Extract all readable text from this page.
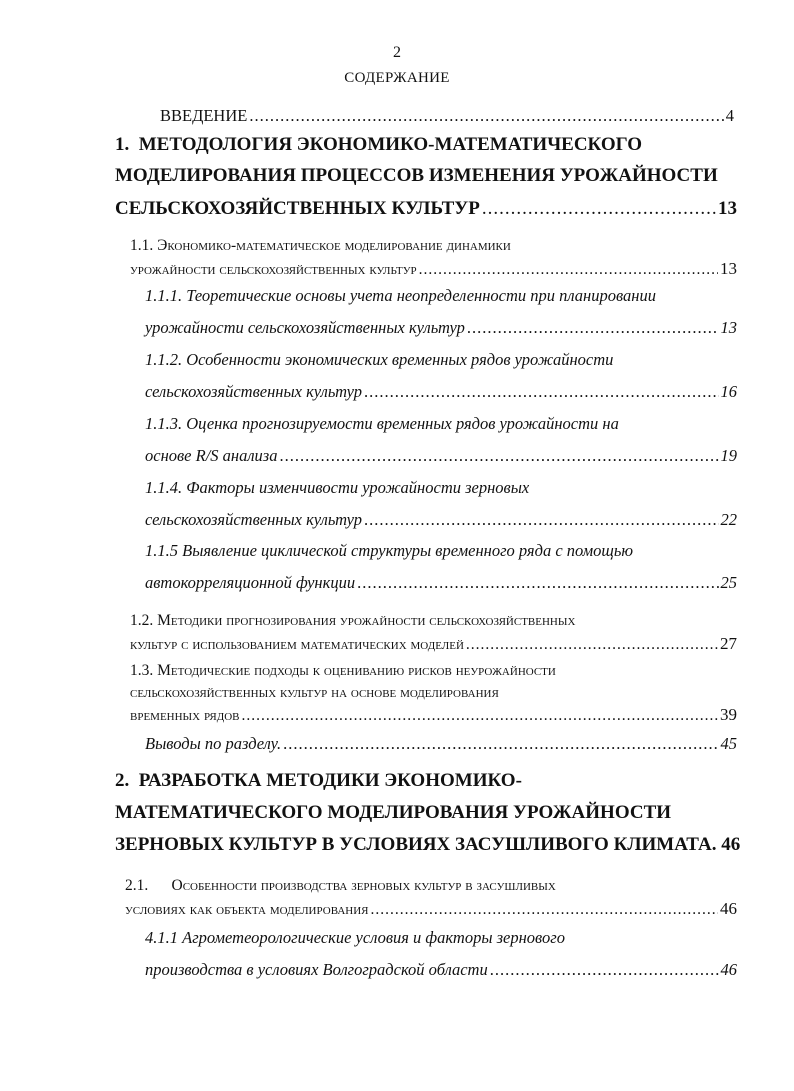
2
СОДЕРЖАНИЕ
ВВЕДЕНИЕ .....	4
1. МЕТОДОЛОГИЯ ЭКОНОМИКО-МАТЕМАТИЧЕСКОГО
МОДЕЛИРОВАНИЯ ПРОЦЕССОВ ИЗМЕНЕНИЯ УРОЖАЙНОСТИ
СЕЛЬСКОХОЗЯЙСТВЕННЫХ КУЛЬТУР .....	13
1.1. Экономико-математическое моделирование динамики
урожайности сельскохозяйственных культур .....	13
1.1.1. Теоретические основы учета неопределенности при планировании
урожайности сельскохозяйственных культур .....	13
1.1.2. Особенности экономических временных рядов урожайности
сельскохозяйственных культур .....	16
1.1.3. Оценка прогнозируемости временных рядов урожайности на
основе R/S анализа .....	19
1.1.4. Факторы изменчивости урожайности зерновых
сельскохозяйственных культур .....	22
1.1.5 Выявление циклической структуры временного ряда с помощью
автокорреляционной функции .....	25
1.2. Методики прогнозирования урожайности сельскохозяйственных
культур с использованием математических моделей .....	27
1.3. Методические подходы к оцениванию рисков неурожайности
сельскохозяйственных культур на основе моделирования
временных рядов .....	39
Выводы по разделу. .....	45
2. РАЗРАБОТКА МЕТОДИКИ ЭКОНОМИКО-
МАТЕМАТИЧЕСКОГО МОДЕЛИРОВАНИЯ УРОЖАЙНОСТИ
ЗЕРНОВЫХ КУЛЬТУР В УСЛОВИЯХ ЗАСУШЛИВОГО КЛИМАТА. 46
2.1. Особенности производства зерновых культур в засушливых
условиях как объекта моделирования .....	46
4.1.1 Агрометеорологические условия и факторы зернового
производства в условиях Волгоградской области .....	46
